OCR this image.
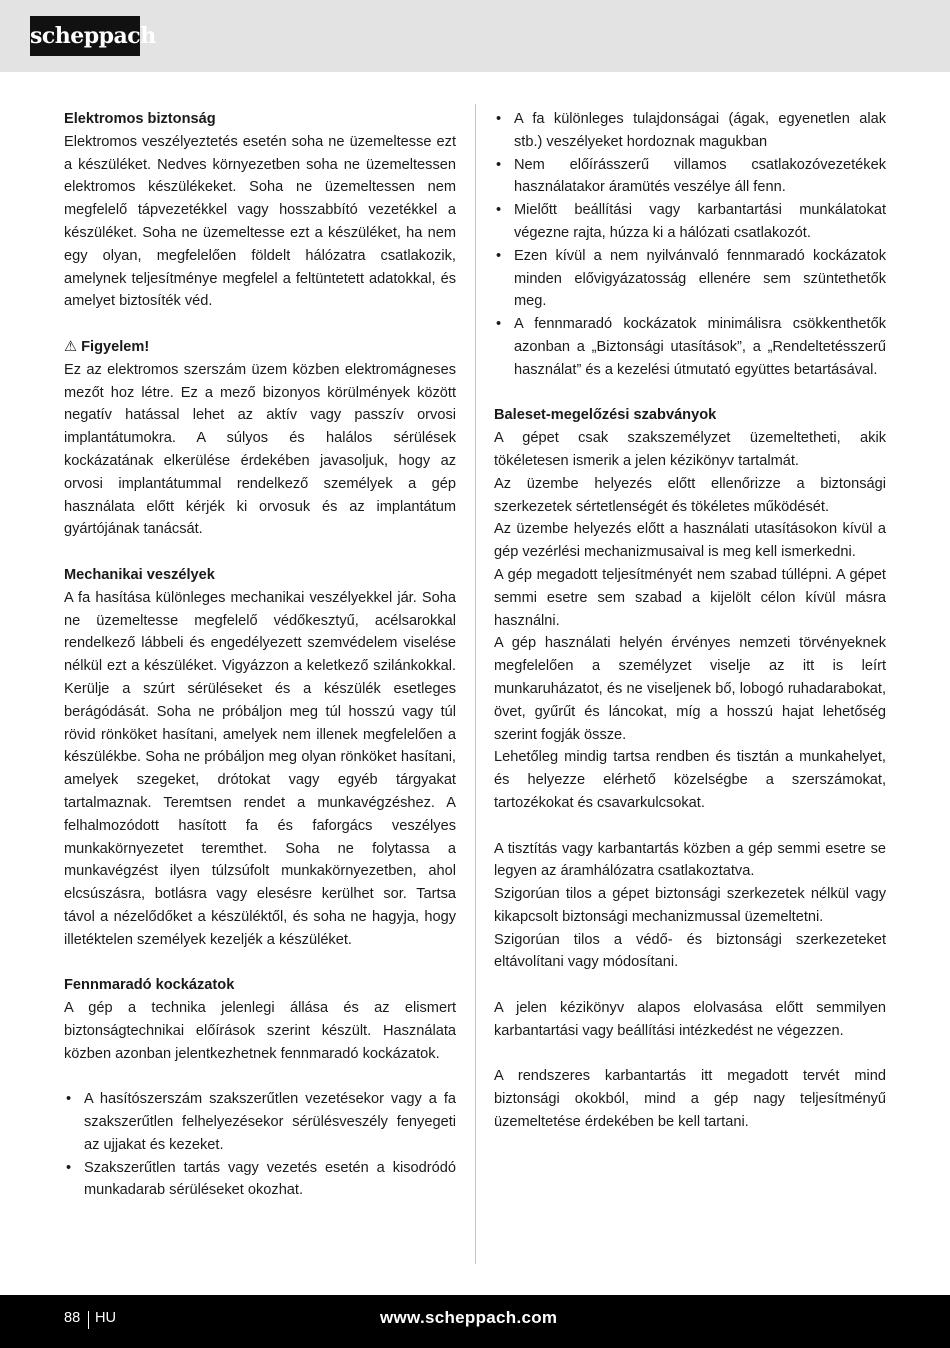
scheppach

Elektromos biztonság

Elektromos veszélyeztetés esetén soha ne üzemeltesse ezt a készüléket. Nedves környezetben soha ne üzemeltessen elektromos készülékeket. Soha ne üzemeltessen nem megfelelő tápvezetékkel vagy hosszabbító vezetékkel a készüléket. Soha ne üzemeltesse ezt a készüléket, ha nem egy olyan, megfelelően földelt hálózatra csatlakozik, amelynek teljesítménye megfelel a feltüntetett adatokkal, és amelyet biztosíték véd.

⚠ Figyelem!

Ez az elektromos szerszám üzem közben elektromágneses mezőt hoz létre. Ez a mező bizonyos körülmények között negatív hatással lehet az aktív vagy passzív orvosi implantátumokra. A súlyos és halálos sérülések kockázatának elkerülése érdekében javasoljuk, hogy az orvosi implantátummal rendelkező személyek a gép használata előtt kérjék ki orvosuk és az implantátum gyártójának tanácsát.

Mechanikai veszélyek

A fa hasítása különleges mechanikai veszélyekkel jár. Soha ne üzemeltesse megfelelő védőkesztyű, acélsarokkal rendelkező lábbeli és engedélyezett szemvédelem viselése nélkül ezt a készüléket. Vigyázzon a keletkező szilánkokkal. Kerülje a szúrt sérüléseket és a készülék esetleges berágódását. Soha ne próbáljon meg túl hosszú vagy túl rövid rönköket hasítani, amelyek nem illenek megfelelően a készülékbe. Soha ne próbáljon meg olyan rönköket hasítani, amelyek szegeket, drótokat vagy egyéb tárgyakat tartalmaznak. Teremtsen rendet a munkavégzéshez. A felhalmozódott hasított fa és faforgács veszélyes munkakörnyezetet teremthet. Soha ne folytassa a munkavégzést ilyen túlzsúfolt munkakörnyezetben, ahol elcsúszásra, botlásra vagy elesésre kerülhet sor. Tartsa távol a nézelődőket a készüléktől, és soha ne hagyja, hogy illetéktelen személyek kezeljék a készüléket.

Fennmaradó kockázatok

A gép a technika jelenlegi állása és az elismert biztonságtechnikai előírások szerint készült. Használata közben azonban jelentkezhetnek fennmaradó kockázatok.

• A hasítószerszám szakszerűtlen vezetésekor vagy a fa szakszerűtlen felhelyezésekor sérülésveszély fenyegeti az ujjakat és kezeket.
• Szakszerűtlen tartás vagy vezetés esetén a kisodródó munkadarab sérüléseket okozhat.
• A fa különleges tulajdonságai (ágak, egyenetlen alak stb.) veszélyeket hordoznak magukban
• Nem előírásszerű villamos csatlakozóvezetékek használatakor áramütés veszélye áll fenn.
• Mielőtt beállítási vagy karbantartási munkálatokat végezne rajta, húzza ki a hálózati csatlakozót.
• Ezen kívül a nem nyilvánvaló fennmaradó kockázatok minden elővigyázatosság ellenére sem szüntethetők meg.
• A fennmaradó kockázatok minimálisra csökkenthetők azonban a „Biztonsági utasítások”, a „Rendeltetésszerű használat” és a kezelési útmutató együttes betartásával.

Baleset-megelőzési szabványok

A gépet csak szakszemélyzet üzemeltetheti, akik tökéletesen ismerik a jelen kézikönyv tartalmát.

Az üzembe helyezés előtt ellenőrizze a biztonsági szerkezetek sértetlenségét és tökéletes működését.

Az üzembe helyezés előtt a használati utasításokon kívül a gép vezérlési mechanizmusaival is meg kell ismerkedni.

A gép megadott teljesítményét nem szabad túllépni. A gépet semmi esetre sem szabad a kijelölt célon kívül másra használni.

A gép használati helyén érvényes nemzeti törvényeknek megfelelően a személyzet viselje az itt is leírt munkaruházatot, és ne viseljenek bő, lobogó ruhadarabokat, övet, gyűrűt és láncokat, míg a hosszú hajat lehetőség szerint fogják össze.

Lehetőleg mindig tartsa rendben és tisztán a munkahelyet, és helyezze elérhető közelségbe a szerszámokat, tartozékokat és csavarkulcsokat.

A tisztítás vagy karbantartás közben a gép semmi esetre se legyen az áramhálózatra csatlakoztatva.

Szigorúan tilos a gépet biztonsági szerkezetek nélkül vagy kikapcsolt biztonsági mechanizmussal üzemeltetni.

Szigorúan tilos a védő- és biztonsági szerkezeteket eltávolítani vagy módosítani.

A jelen kézikönyv alapos elolvasása előtt semmilyen karbantartási vagy beállítási intézkedést ne végezzen.

A rendszeres karbantartás itt megadott tervét mind biztonsági okokból, mind a gép nagy teljesítményű üzemeltetése érdekében be kell tartani.

88 HU	www.scheppach.com
